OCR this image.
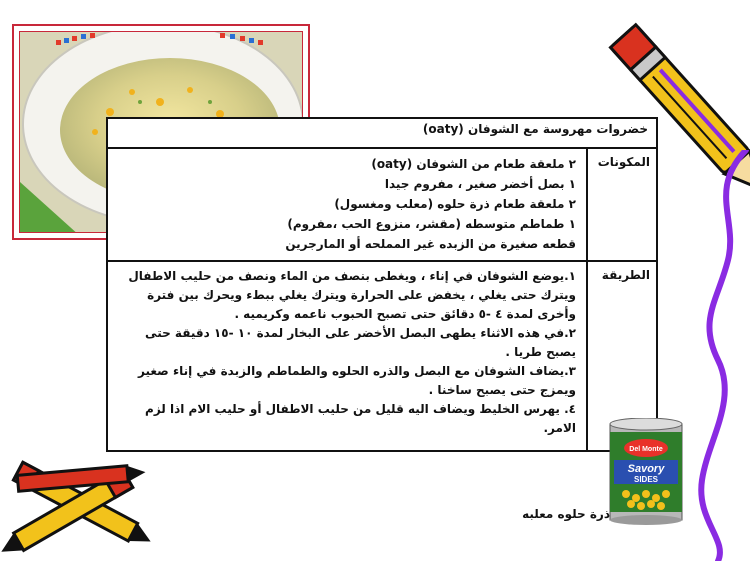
خضروات مهروسة مع الشوفان (oaty)	
المكونات	٢ ملعقة طعام من الشوفان (oaty)
١ بصل أخضر صغير ، مفروم جيدا
٢ ملعقة طعام ذرة حلوه (معلب ومغسول)
١ طماطم متوسطه (مقشر، منزوع الحب ،مفروم)
قطعه صغيرة من الزبده غير المملحه أو المارجرين

الطريقة	١.يوضع الشوفان في إناء ، ويغطى بنصف من الماء ونصف من حليب الاطفال ويترك حتى يغلي ، يخفض على الحرارة ويترك يغلي ببطء ويحرك بين فترة وأخرى لمدة ٤ -٥ دقائق حتى تصبح الحبوب ناعمه وكريميه .
٢.في هذه الاثناء يطهى البصل الأخضر على البخار لمدة ١٠ -١٥ دقيقة حتى يصبح طريا .
٣.يضاف الشوفان مع البصل والذره الحلوه والطماطم والزبدة في إناء صغير ويمزج حتى يصبح ساخنا .
٤. يهرس الخليط ويضاف اليه قليل من حليب الاطفال أو حليب الام اذا لزم الامر.
Del Monte
Savory
SIDES
ذرة حلوه معلبه
